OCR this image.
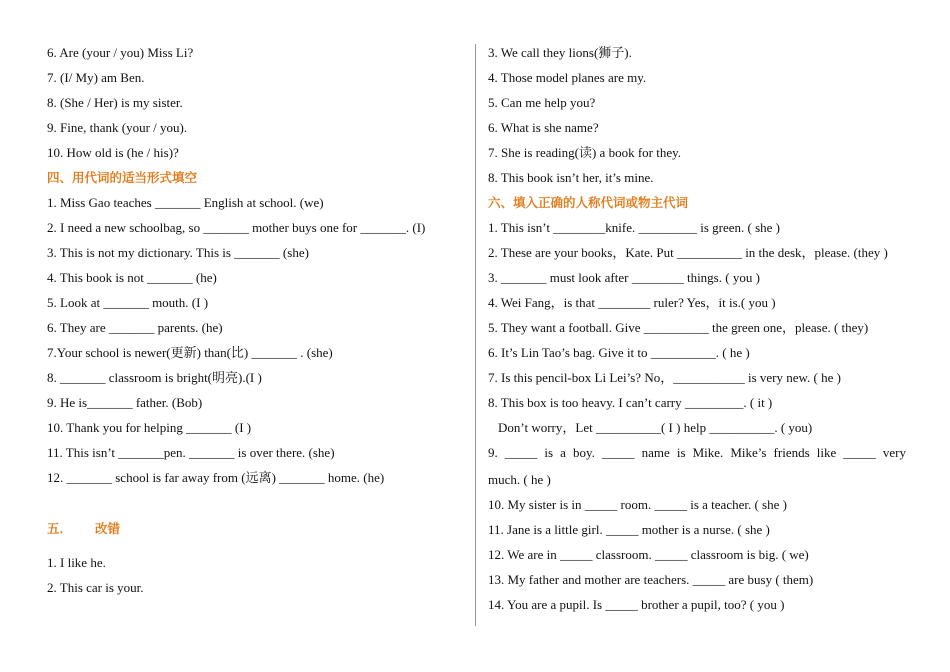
6. Are (your / you) Miss Li?
7. (I/ My) am Ben.
8. (She / Her) is my sister.
9. Fine, thank (your / you).
10. How old is (he / his)?
四、用代词的适当形式填空
1. Miss Gao teaches _______ English at school. (we)
2. I need a new schoolbag, so _______ mother buys one for _______. (I)
3. This is not my dictionary. This is _______ (she)
4. This book is not _______ (he)
5. Look at _______ mouth. (I )
6. They are _______ parents. (he)
7.Your school is newer(更新) than(比) _______ . (she)
8. _______ classroom is bright(明亮).(I )
9. He is_______ father. (Bob)
10. Thank you for helping _______ (I )
11. This isn’t _______pen. _______ is over there. (she)
12. _______ school is far away from (远离) _______ home. (he)
五． 改错
1. I like he.
2. This car is your.
3. We call they lions(狮子).
4. Those model planes are my.
5. Can me help you?
6. What is she name?
7. She is reading(读) a book for they.
8. This book isn’t her, it’s mine.
六、填入正确的人称代词或物主代词
1. This isn’t ________knife. _________ is green. ( she )
2. These are your books，Kate. Put __________ in the desk，please. (they )
3. _______ must look after ________ things. ( you )
4. Wei Fang，is that ________ ruler? Yes，it is.( you )
5. They want a football. Give __________ the green one，please. ( they)
6. It’s Lin Tao’s bag. Give it to __________. ( he )
7. Is this pencil-box Li Lei’s? No，___________ is very new. ( he )
8. This box is too heavy. I can’t carry _________. ( it )
Don’t worry，Let __________( I ) help __________. ( you)
9. _____ is a boy. _____ name is Mike. Mike’s friends like _____ very
much. ( he )
10. My sister is in _____ room. _____ is a teacher. ( she )
11. Jane is a little girl. _____ mother is a nurse. ( she )
12. We are in _____ classroom. _____ classroom is big. ( we)
13. My father and mother are teachers. _____ are busy ( them)
14. You are a pupil. Is _____ brother a pupil, too? ( you )
